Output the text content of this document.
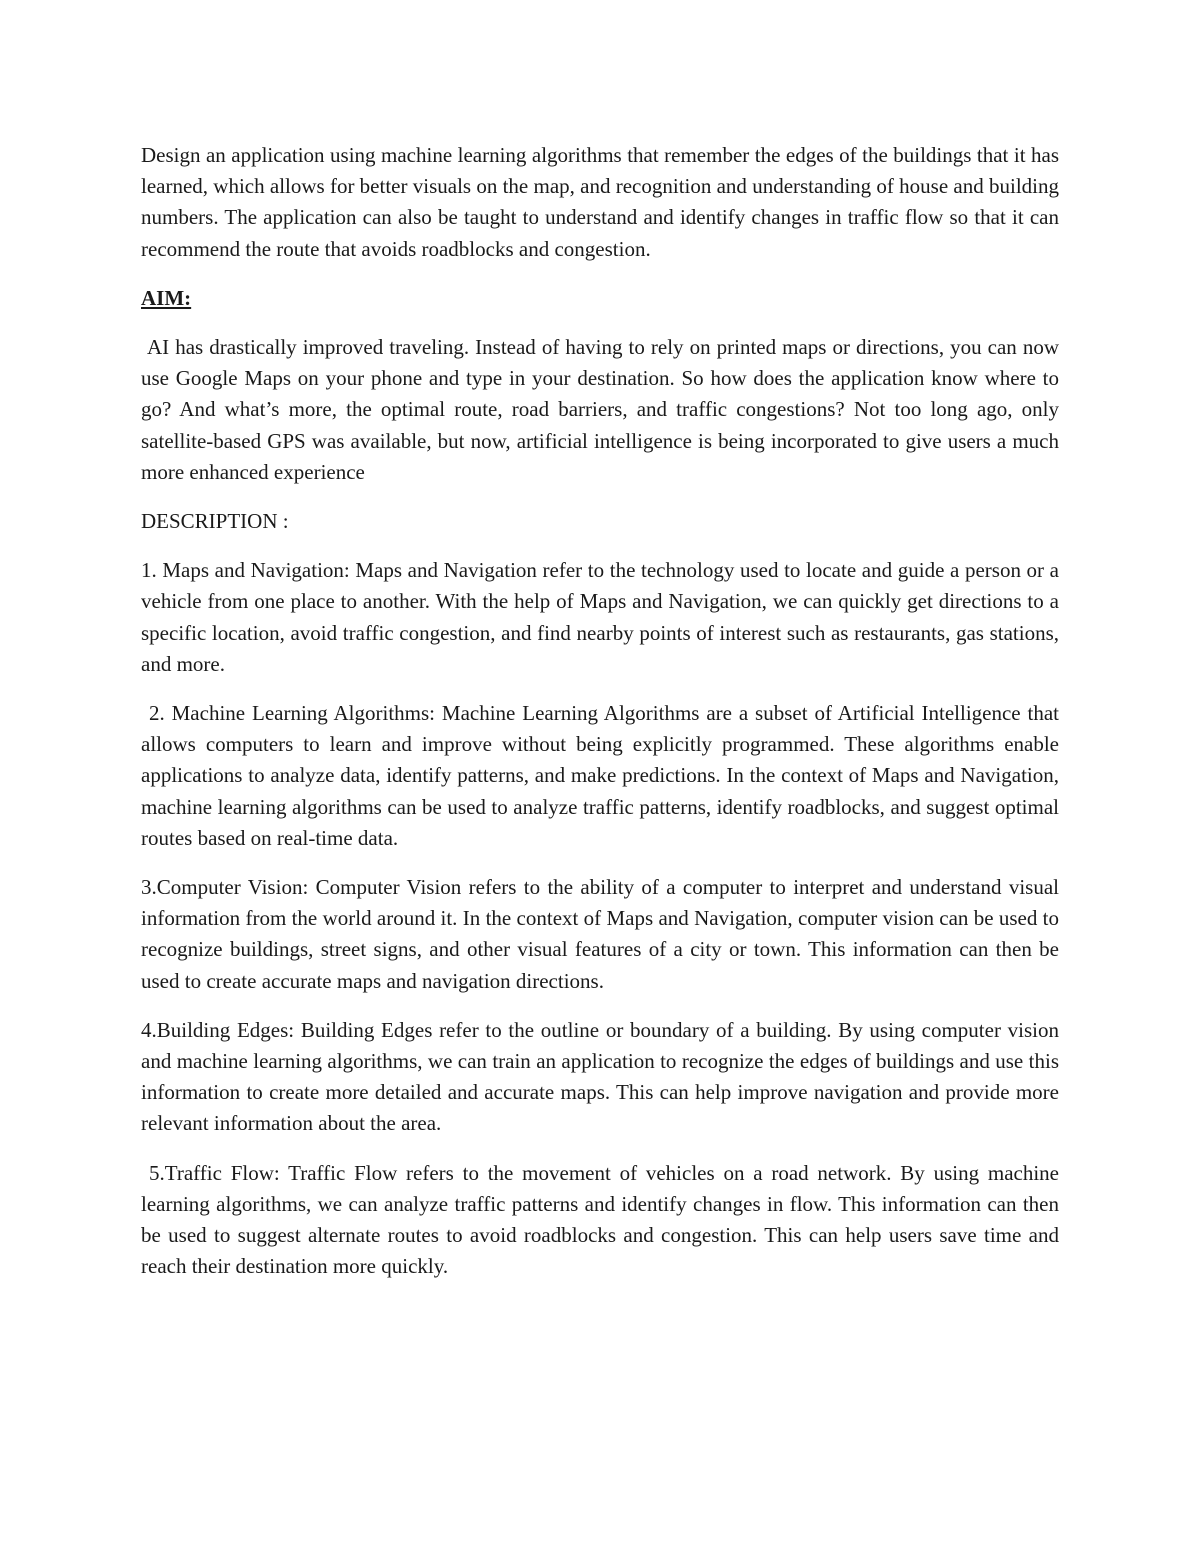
Design an application using machine learning algorithms that remember the edges of the buildings that it has learned, which allows for better visuals on the map, and recognition and understanding of house and building numbers. The application can also be taught to understand and identify changes in traffic flow so that it can recommend the route that avoids roadblocks and congestion.

AIM:

AI has drastically improved traveling. Instead of having to rely on printed maps or directions, you can now use Google Maps on your phone and type in your destination. So how does the application know where to go? And what’s more, the optimal route, road barriers, and traffic congestions? Not too long ago, only satellite-based GPS was available, but now, artificial intelligence is being incorporated to give users a much more enhanced experience

DESCRIPTION :

1. Maps and Navigation: Maps and Navigation refer to the technology used to locate and guide a person or a vehicle from one place to another. With the help of Maps and Navigation, we can quickly get directions to a specific location, avoid traffic congestion, and find nearby points of interest such as restaurants, gas stations, and more.

2. Machine Learning Algorithms: Machine Learning Algorithms are a subset of Artificial Intelligence that allows computers to learn and improve without being explicitly programmed. These algorithms enable applications to analyze data, identify patterns, and make predictions. In the context of Maps and Navigation, machine learning algorithms can be used to analyze traffic patterns, identify roadblocks, and suggest optimal routes based on real-time data.

3.Computer Vision: Computer Vision refers to the ability of a computer to interpret and understand visual information from the world around it. In the context of Maps and Navigation, computer vision can be used to recognize buildings, street signs, and other visual features of a city or town. This information can then be used to create accurate maps and navigation directions.

4.Building Edges: Building Edges refer to the outline or boundary of a building. By using computer vision and machine learning algorithms, we can train an application to recognize the edges of buildings and use this information to create more detailed and accurate maps. This can help improve navigation and provide more relevant information about the area.

5.Traffic Flow: Traffic Flow refers to the movement of vehicles on a road network. By using machine learning algorithms, we can analyze traffic patterns and identify changes in flow. This information can then be used to suggest alternate routes to avoid roadblocks and congestion. This can help users save time and reach their destination more quickly.
